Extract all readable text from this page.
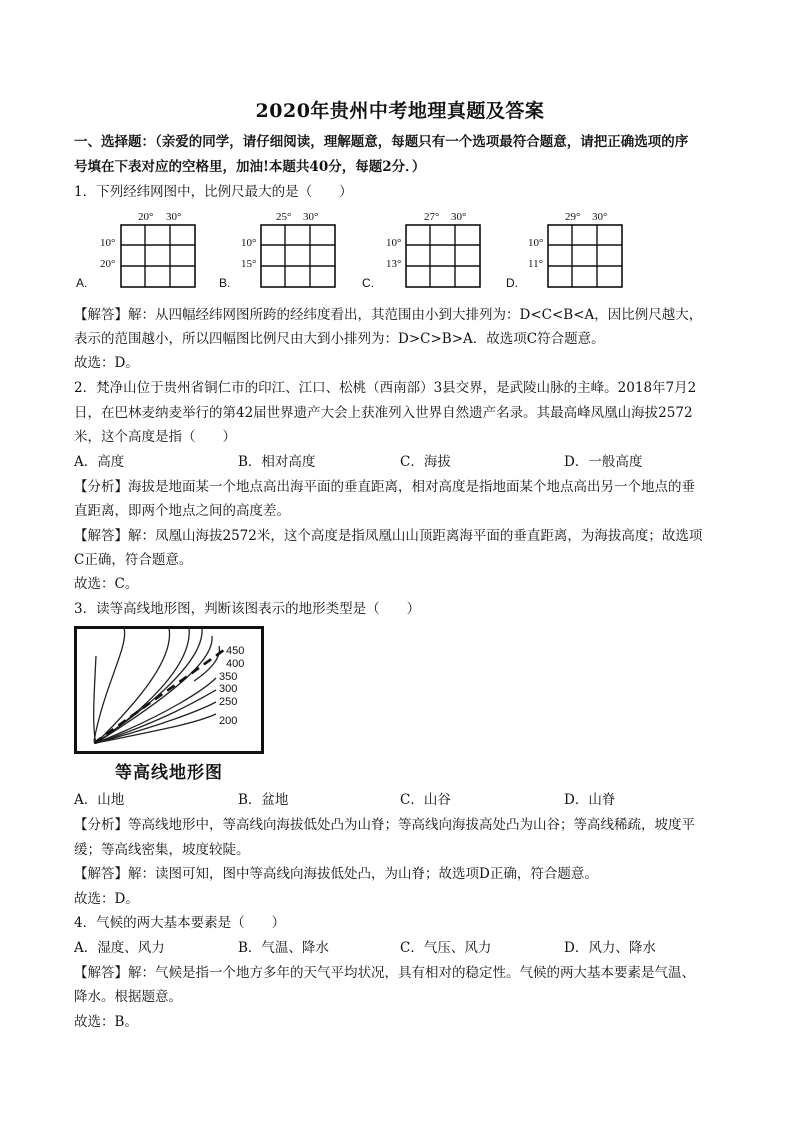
2020年贵州中考地理真题及答案
一、选择题：（亲爱的同学，请仔细阅读，理解题意，每题只有一个选项最符合题意，请把正确选项的序
号填在下表对应的空格里，加油!本题共40分，每题2分．）
1．下列经纬网图中，比例尺最大的是（　　）
20° 30°
10°
20°
A.
25° 30°
10°
15°
B.
27° 30°
10°
13°
C.
29° 30°
10°
11°
D.
【解答】解：从四幅经纬网图所跨的经纬度看出，其范围由小到大排列为：D<C<B<A，因比例尺越大，
表示的范围越小，所以四幅图比例尺由大到小排列为：D>C>B>A．故选项C符合题意。
故选：D。
2．梵净山位于贵州省铜仁市的印江、江口、松桃（西南部）3县交界，是武陵山脉的主峰。2018年7月2
日，在巴林麦纳麦举行的第42届世界遗产大会上获准列入世界自然遗产名录。其最高峰凤凰山海拔2572
米，这个高度是指（　　）
A．高度	B．相对高度	C．海拔	D．一般高度
【分析】海拔是地面某一个地点高出海平面的垂直距离，相对高度是指地面某个地点高出另一个地点的垂
直距离，即两个地点之间的高度差。
【解答】解：凤凰山海拔2572米，这个高度是指凤凰山山顶距离海平面的垂直距离，为海拔高度；故选项
C正确，符合题意。
故选：C。
3．读等高线地形图，判断该图表示的地形类型是（　　）
450
400
350
300
250
200
等高线地形图
A．山地	B．盆地	C．山谷	D．山脊
【分析】等高线地形中，等高线向海拔低处凸为山脊；等高线向海拔高处凸为山谷；等高线稀疏，坡度平
缓；等高线密集，坡度较陡。
【解答】解：读图可知，图中等高线向海拔低处凸，为山脊；故选项D正确，符合题意。
故选：D。
4．气候的两大基本要素是（　　）
A．湿度、风力	B．气温、降水	C．气压、风力	D．风力、降水
【解答】解：气候是指一个地方多年的天气平均状况，具有相对的稳定性。气候的两大基本要素是气温、
降水。根据题意。
故选：B。
